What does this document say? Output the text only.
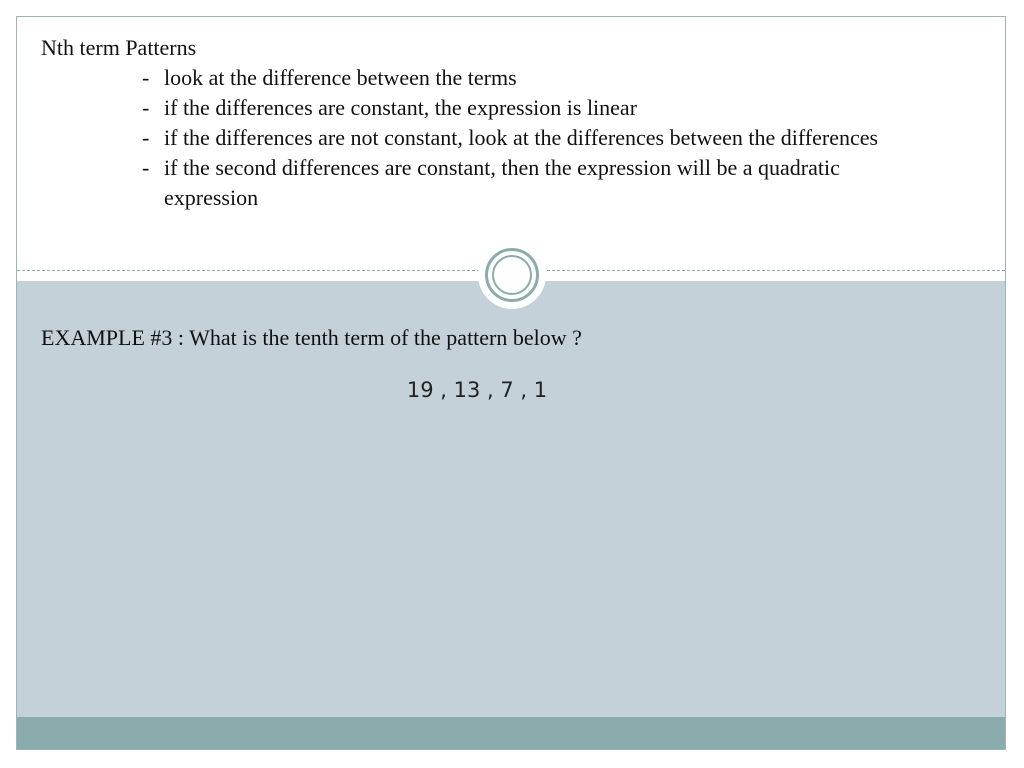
Nth term Patterns
- look at the difference between the terms
- if the differences are constant, the expression is linear
- if the differences are not constant, look at the differences between the differences
- if the second differences are constant, then the expression will be a quadratic expression
EXAMPLE #3 : What is the tenth term of the pattern below ?
19 , 13 , 7 , 1
